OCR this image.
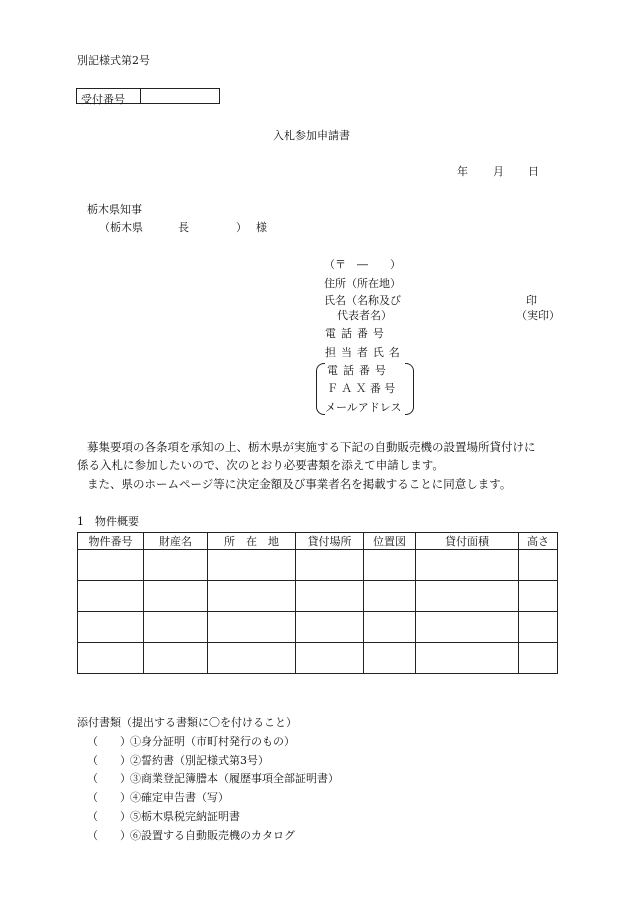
別記様式第2号
受付番号
入札参加申請書
年 月 日
栃木県知事
（栃木県	長	） 様
（〒　―　　）
住所（所在地）
氏名（名称及び	印
代表者名）	（実印）
電話番号
担当者氏名
電話番号
ＦＡＸ番号
メールアドレス
募集要項の各条項を承知の上、栃木県が実施する下記の自動販売機の設置場所貸付けに
係る入札に参加したいので、次のとおり必要書類を添えて申請します。
また、県のホームページ等に決定金額及び事業者名を掲載することに同意します。
1　物件概要
物件番号	財産名	所　在　地	貸付場所	位置図	貸付面積	高さ

添付書類（提出する書類に〇を付けること）
（　　） ①身分証明（市町村発行のもの）
（　　） ②誓約書（別記様式第3号）
（　　） ③商業登記簿謄本（履歴事項全部証明書）
（　　） ④確定申告書（写）
（　　） ⑤栃木県税完納証明書
（　　） ⑥設置する自動販売機のカタログ
